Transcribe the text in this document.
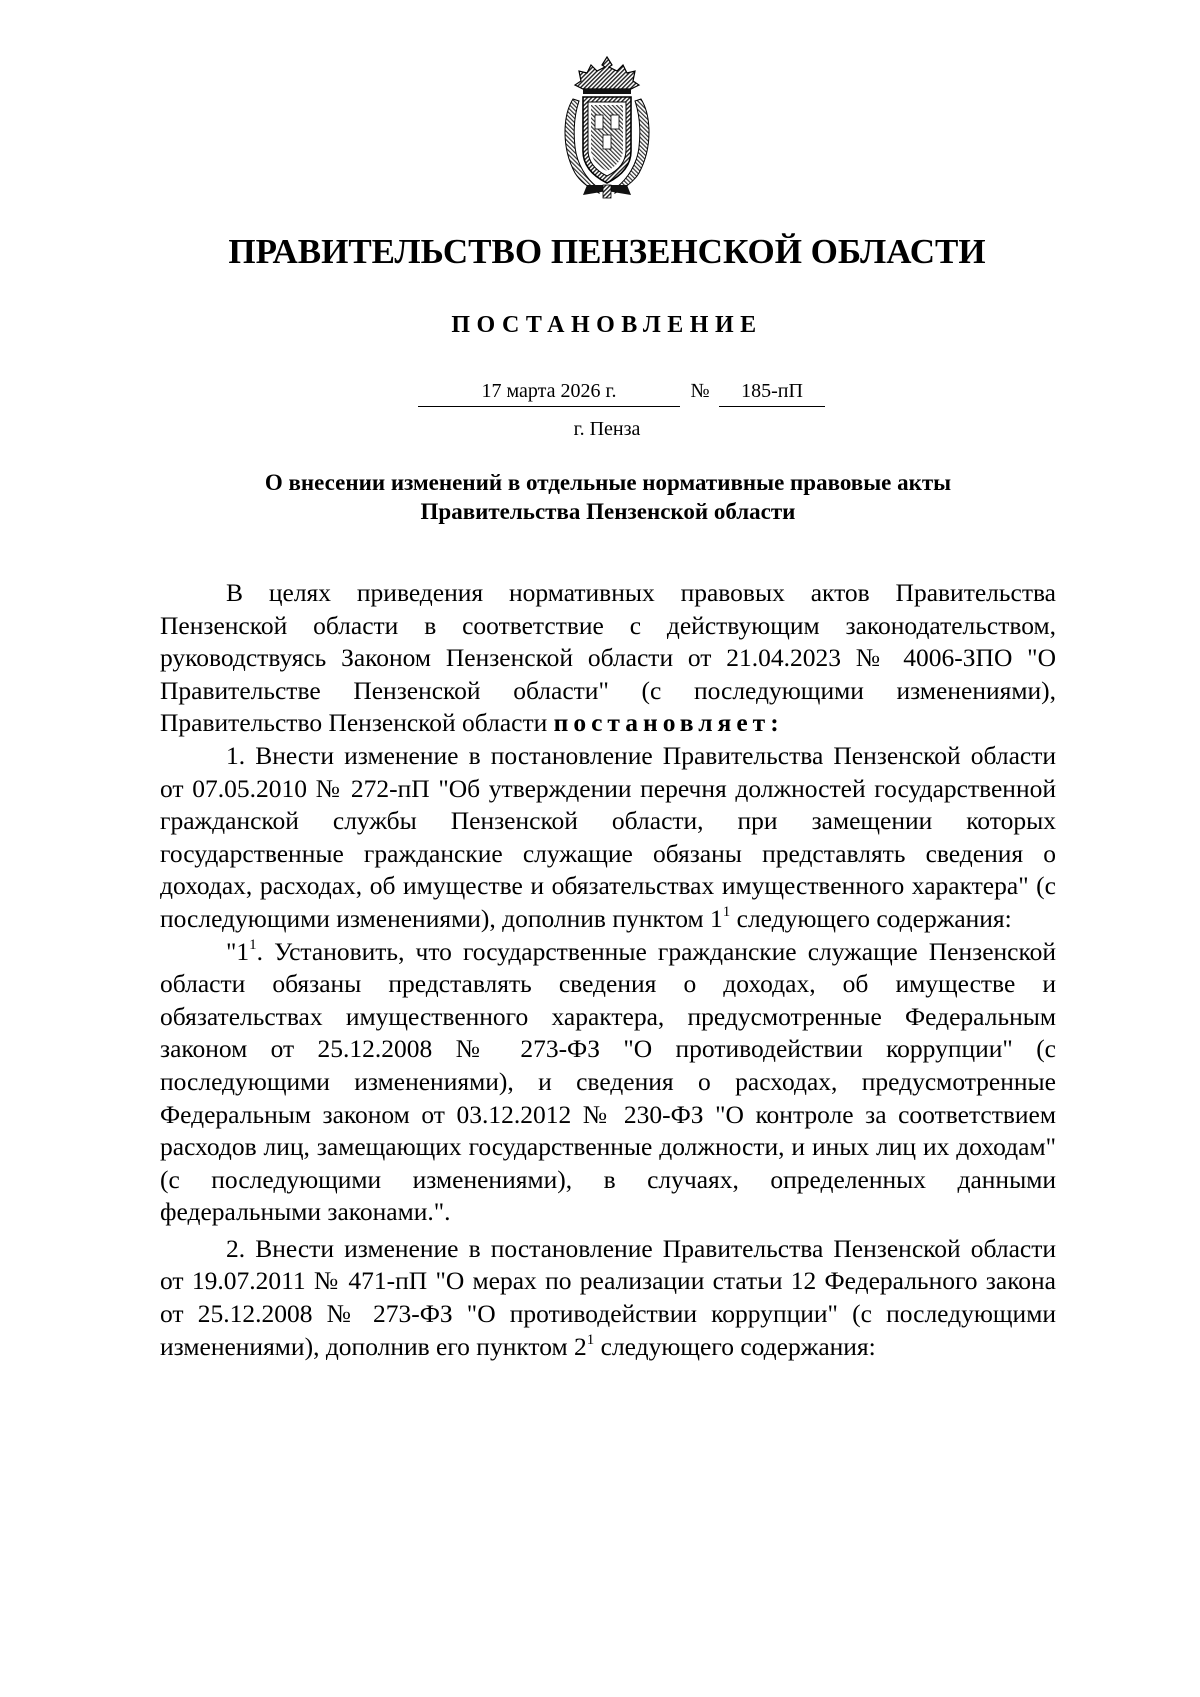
ПРАВИТЕЛЬСТВО ПЕНЗЕНСКОЙ ОБЛАСТИ
ПОСТАНОВЛЕНИЕ
17 марта 2026 г.	№	185-пП
г. Пенза
О внесении изменений в отдельные нормативные правовые акты
Правительства Пензенской области

В целях приведения нормативных правовых актов Правительства Пензенской области в соответствие с действующим законодательством, руководствуясь Законом Пензенской области от 21.04.2023 № 4006-ЗПО "О Правительстве Пензенской области" (с последующими изменениями), Правительство Пензенской области постановляет:

1. Внести изменение в постановление Правительства Пензенской области от 07.05.2010 № 272-пП "Об утверждении перечня должностей государственной гражданской службы Пензенской области, при замещении которых государственные гражданские служащие обязаны представлять сведения о доходах, расходах, об имуществе и обязательствах имущественного характера" (с последующими изменениями), дополнив пунктом $1^1$ следующего содержания:

"$1^1$. Установить, что государственные гражданские служащие Пензенской области обязаны представлять сведения о доходах, об имуществе и обязательствах имущественного характера, предусмотренные Федеральным законом от 25.12.2008 № 273-ФЗ "О противодействии коррупции" (с последующими изменениями), и сведения о расходах, предусмотренные Федеральным законом от 03.12.2012 № 230-ФЗ "О контроле за соответствием расходов лиц, замещающих государственные должности, и иных лиц их доходам" (с последующими изменениями), в случаях, определенных данными федеральными законами.".

2. Внести изменение в постановление Правительства Пензенской области от 19.07.2011 № 471-пП "О мерах по реализации статьи 12 Федерального закона от 25.12.2008 № 273-ФЗ "О противодействии коррупции" (с последующими изменениями), дополнив его пунктом $2^1$ следующего содержания:
